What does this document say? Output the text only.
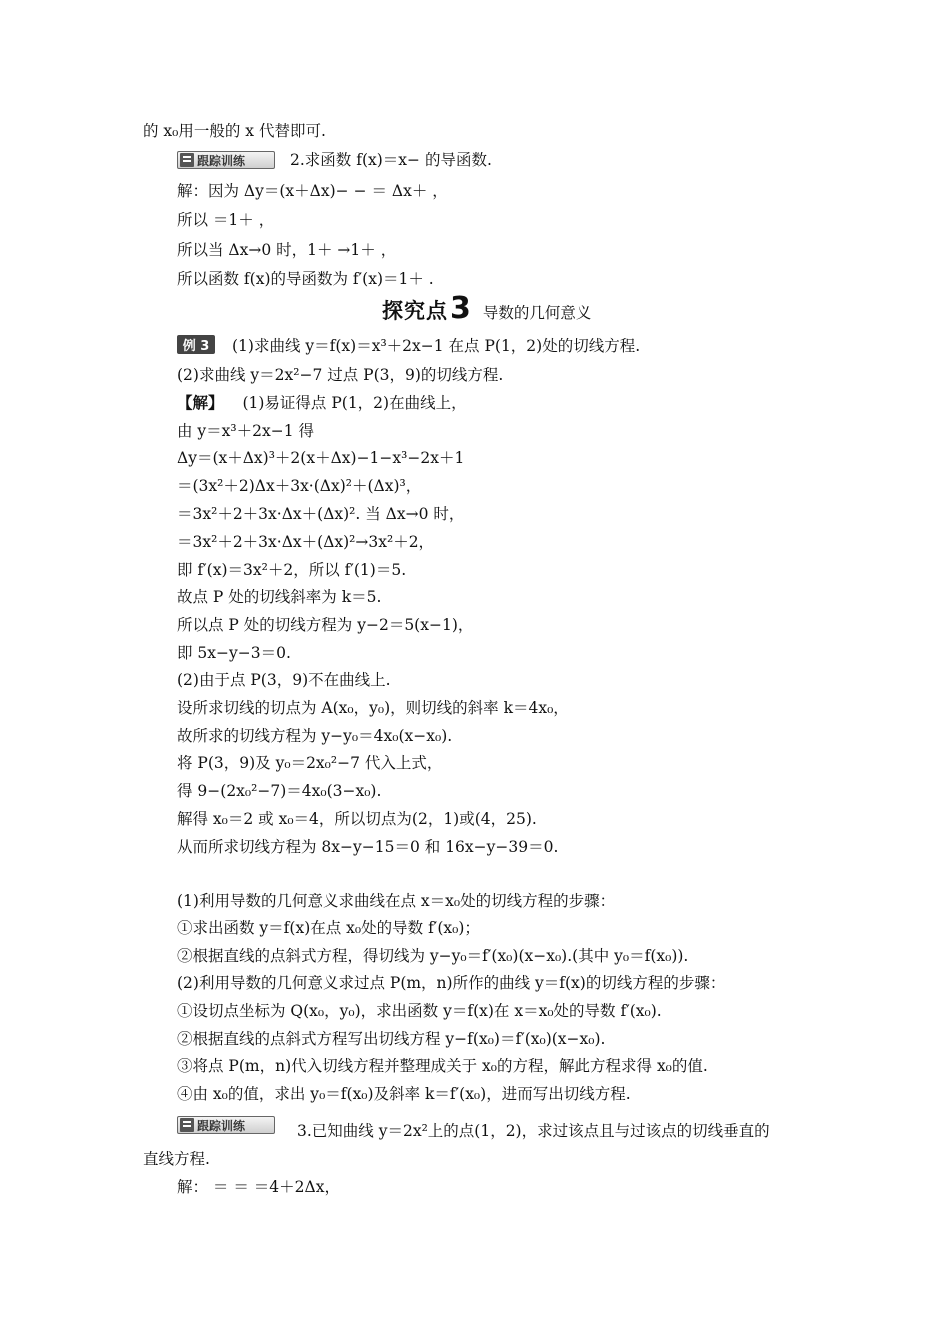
的 x₀用一般的 x 代替即可.
跟踪训练	2.求函数 f(x)＝x− 的导函数.
解：因为 Δy＝(x＋Δx)− − ＝ Δx＋ ，
所以 ＝1＋ ，
所以当 Δx→0 时，1＋ →1＋ ，
所以函数 f(x)的导函数为 f′(x)＝1＋ .
探究点 3 导数的几何意义
例 3	(1)求曲线 y＝f(x)＝x³＋2x−1 在点 P(1，2)处的切线方程.
(2)求曲线 y＝2x²−7 过点 P(3，9)的切线方程.
【解】 (1)易证得点 P(1，2)在曲线上，
由 y＝x³＋2x−1 得
Δy＝(x＋Δx)³＋2(x＋Δx)−1−x³−2x＋1
＝(3x²＋2)Δx＋3x·(Δx)²＋(Δx)³，
＝3x²＋2＋3x·Δx＋(Δx)². 当 Δx→0 时，
＝3x²＋2＋3x·Δx＋(Δx)²→3x²＋2，
即 f′(x)＝3x²＋2，所以 f′(1)＝5.
故点 P 处的切线斜率为 k＝5.
所以点 P 处的切线方程为 y−2＝5(x−1)，
即 5x−y−3＝0.
(2)由于点 P(3，9)不在曲线上.
设所求切线的切点为 A(x₀，y₀)，则切线的斜率 k＝4x₀，
故所求的切线方程为 y−y₀＝4x₀(x−x₀).
将 P(3，9)及 y₀＝2x₀²−7 代入上式，
得 9−(2x₀²−7)＝4x₀(3−x₀).
解得 x₀＝2 或 x₀＝4，所以切点为(2，1)或(4，25).
从而所求切线方程为 8x−y−15＝0 和 16x−y−39＝0.
(1)利用导数的几何意义求曲线在点 x＝x₀处的切线方程的步骤：
①求出函数 y＝f(x)在点 x₀处的导数 f′(x₀)；
②根据直线的点斜式方程，得切线为 y−y₀＝f′(x₀)(x−x₀).(其中 y₀＝f(x₀)).
(2)利用导数的几何意义求过点 P(m，n)所作的曲线 y＝f(x)的切线方程的步骤：
①设切点坐标为 Q(x₀，y₀)，求出函数 y＝f(x)在 x＝x₀处的导数 f′(x₀).
②根据直线的点斜式方程写出切线方程 y−f(x₀)＝f′(x₀)(x−x₀).
③将点 P(m，n)代入切线方程并整理成关于 x₀的方程，解此方程求得 x₀的值.
④由 x₀的值，求出 y₀＝f(x₀)及斜率 k＝f′(x₀)，进而写出切线方程.
跟踪训练	3.已知曲线 y＝2x²上的点(1，2)，求过该点且与过该点的切线垂直的
直线方程.
解： ＝ ＝ ＝4＋2Δx，
